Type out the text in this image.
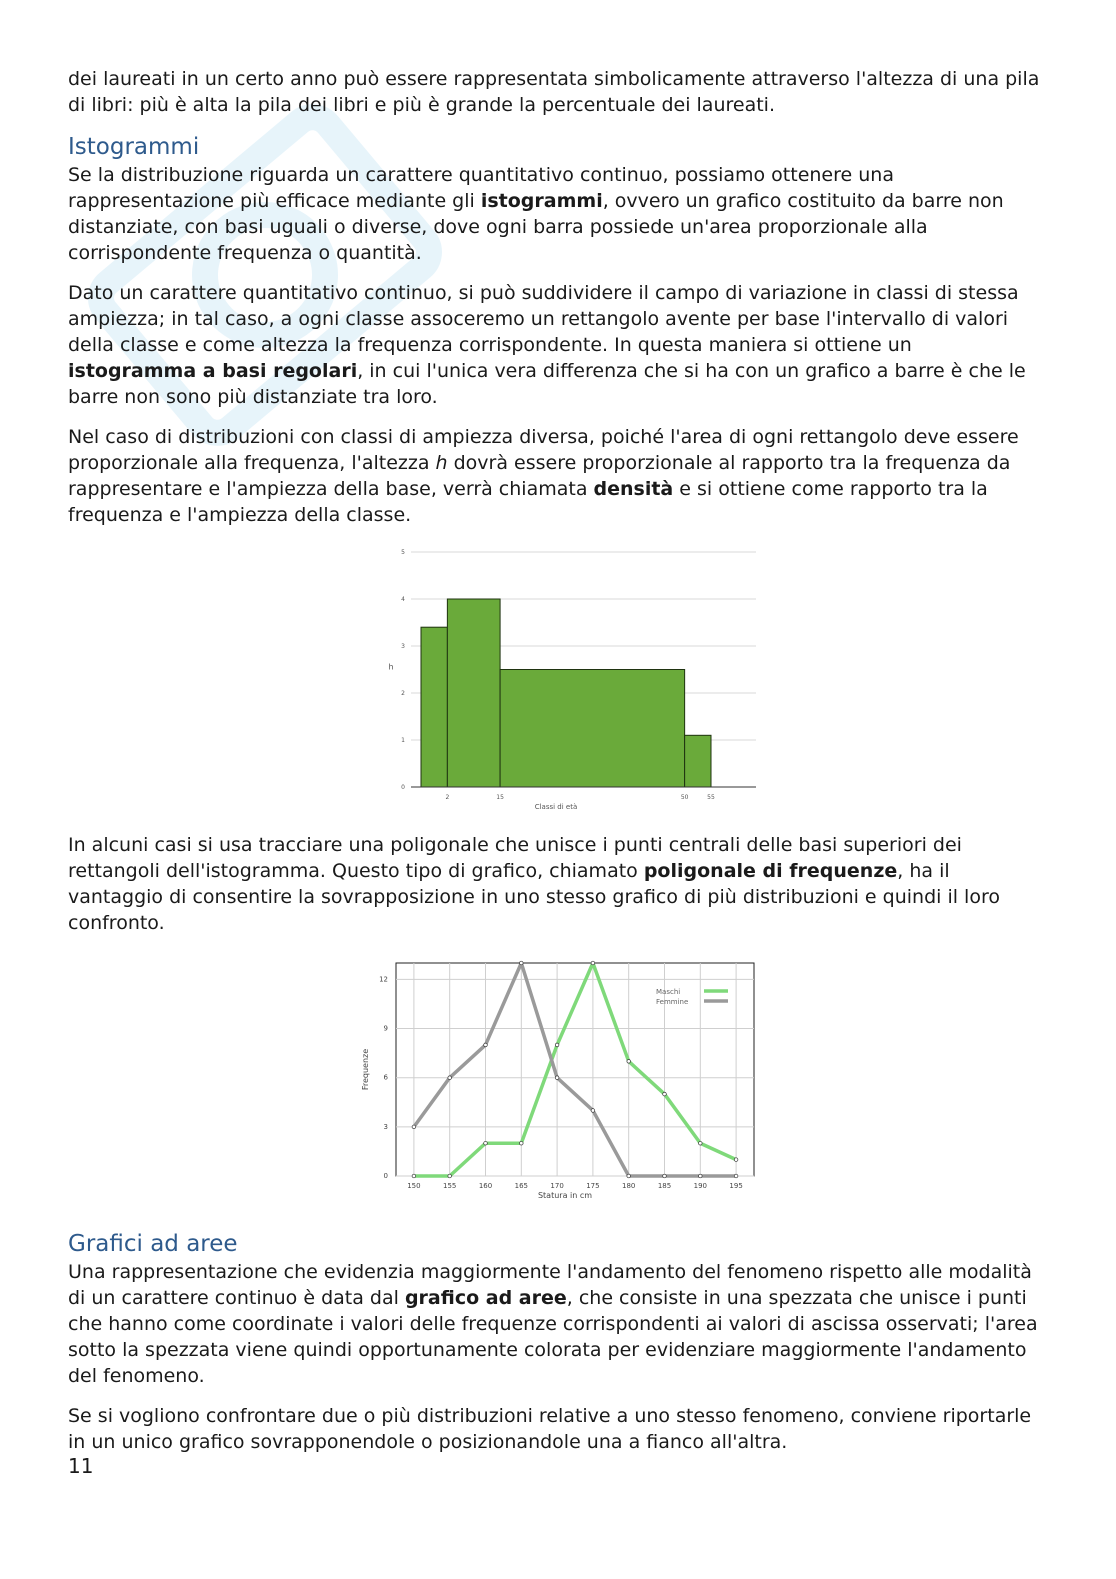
dei laureati in un certo anno può essere rappresentata simbolicamente attraverso l'altezza di una pila di libri: più è alta la pila dei libri e più è grande la percentuale dei laureati.

Istogrammi

Se la distribuzione riguarda un carattere quantitativo continuo, possiamo ottenere una rappresentazione più efficace mediante gli istogrammi, ovvero un grafico costituito da barre non distanziate, con basi uguali o diverse, dove ogni barra possiede un'area proporzionale alla corrispondente frequenza o quantità.

Dato un carattere quantitativo continuo, si può suddividere il campo di variazione in classi di stessa ampiezza; in tal caso, a ogni classe assoceremo un rettangolo avente per base l'intervallo di valori della classe e come altezza la frequenza corrispondente. In questa maniera si ottiene un istogramma a basi regolari, in cui l'unica vera differenza che si ha con un grafico a barre è che le barre non sono più distanziate tra loro.

Nel caso di distribuzioni con classi di ampiezza diversa, poiché l'area di ogni rettangolo deve essere proporzionale alla frequenza, l'altezza h dovrà essere proporzionale al rapporto tra la frequenza da rappresentare e l'ampiezza della base, verrà chiamata densità e si ottiene come rapporto tra la frequenza e l'ampiezza della classe.

0
1
2
3
4
5
2	15	50	55
Classi di età
h

In alcuni casi si usa tracciare una poligonale che unisce i punti centrali delle basi superiori dei rettangoli dell'istogramma. Questo tipo di grafico, chiamato poligonale di frequenze, ha il vantaggio di consentire la sovrapposizione in uno stesso grafico di più distribuzioni e quindi il loro confronto.

150	155	160	165	170	175	180	185	190	195
0
3
6
9
12
Statura in cm
Frequenze
Maschi
Femmine
Grafici ad aree

Una rappresentazione che evidenzia maggiormente l'andamento del fenomeno rispetto alle modalità di un carattere continuo è data dal grafico ad aree, che consiste in una spezzata che unisce i punti che hanno come coordinate i valori delle frequenze corrispondenti ai valori di ascissa osservati; l'area sotto la spezzata viene quindi opportunamente colorata per evidenziare maggiormente l'andamento del fenomeno.

Se si vogliono confrontare due o più distribuzioni relative a uno stesso fenomeno, conviene riportarle in un unico grafico sovrapponendole o posizionandole una a fianco all'altra.

11
